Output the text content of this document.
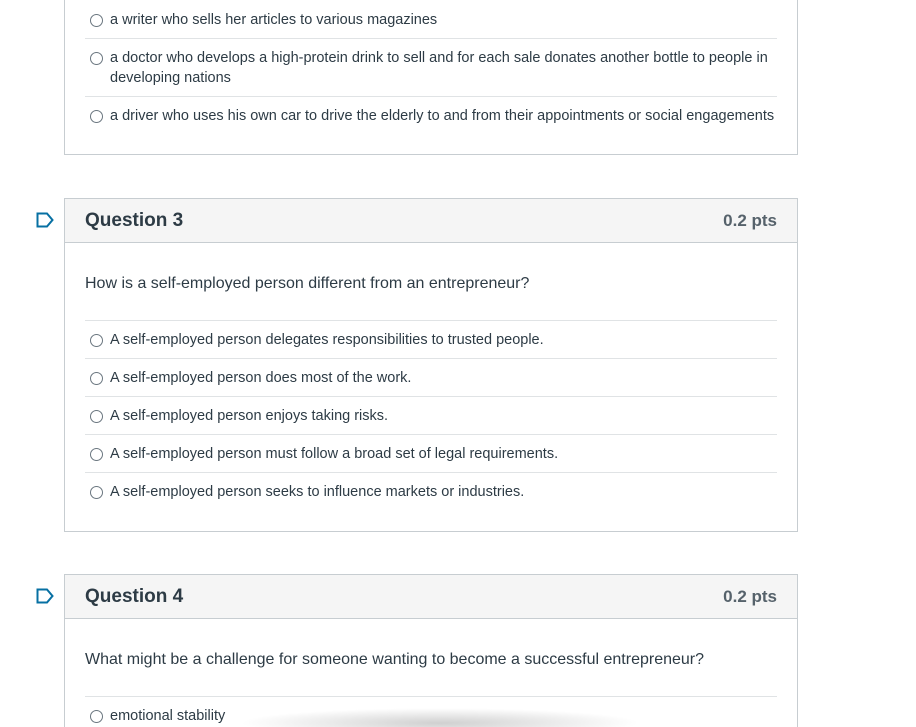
a writer who sells her articles to various magazines
a doctor who develops a high-protein drink to sell and for each sale donates another bottle to people in developing nations
a driver who uses his own car to drive the elderly to and from their appointments or social engagements
Question 3	0.2 pts
How is a self-employed person different from an entrepreneur?
A self-employed person delegates responsibilities to trusted people.
A self-employed person does most of the work.
A self-employed person enjoys taking risks.
A self-employed person must follow a broad set of legal requirements.
A self-employed person seeks to influence markets or industries.
Question 4	0.2 pts
What might be a challenge for someone wanting to become a successful entrepreneur?
emotional stability
